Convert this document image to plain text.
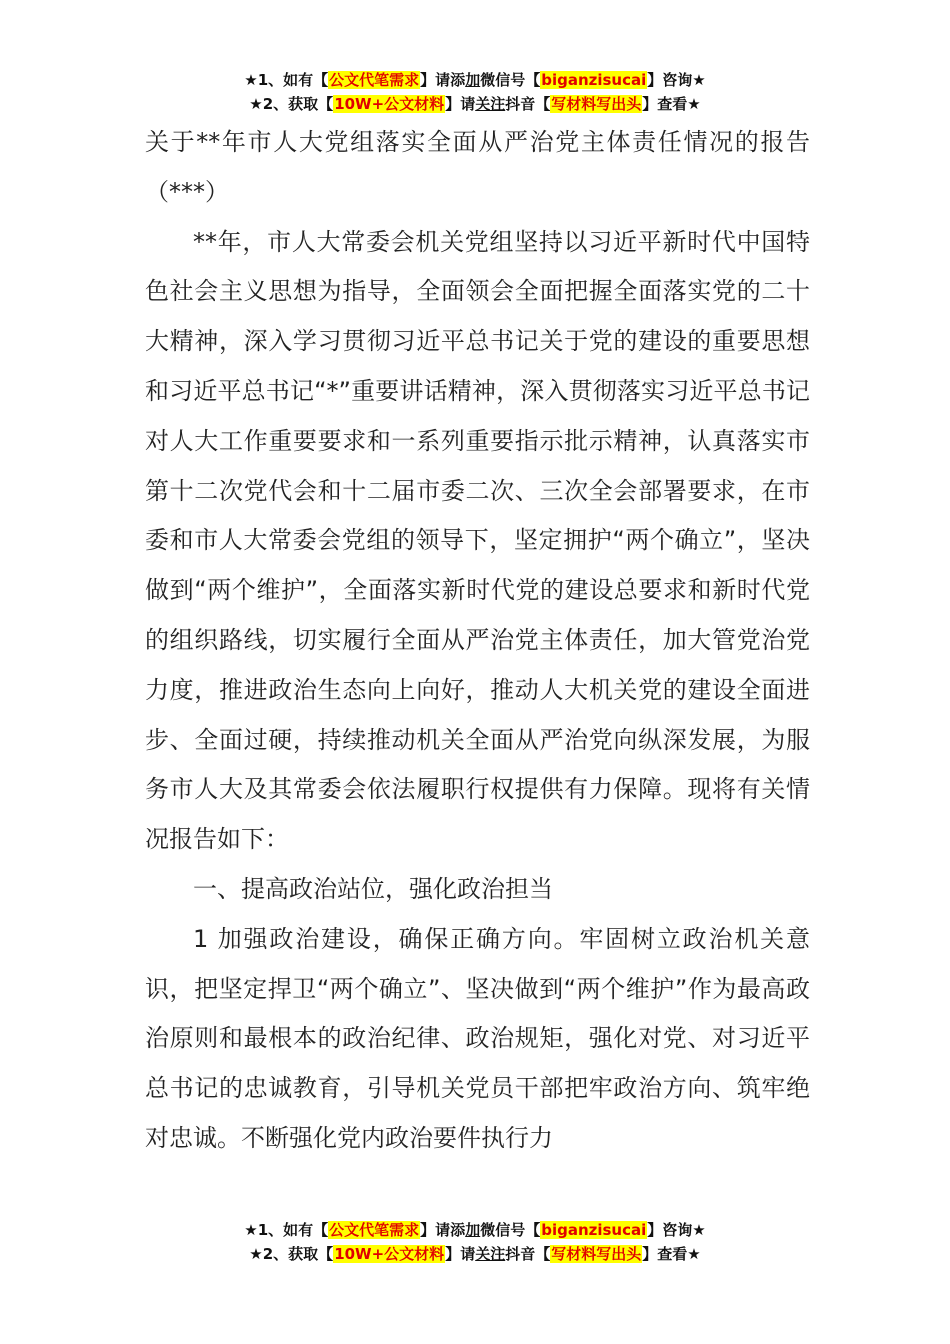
★1、如有【公文代笔需求】请添加微信号【biganzisucai】咨询★
★2、获取【10W+公文材料】请关注抖音【写材料写出头】查看★

关于**年市人大党组落实全面从严治党主体责任情况的报告（***）

**年，市人大常委会机关党组坚持以习近平新时代中国特色社会主义思想为指导，全面领会全面把握全面落实党的二十大精神，深入学习贯彻习近平总书记关于党的建设的重要思想和习近平总书记“*”重要讲话精神，深入贯彻落实习近平总书记对人大工作重要要求和一系列重要指示批示精神，认真落实市第十二次党代会和十二届市委二次、三次全会部署要求，在市委和市人大常委会党组的领导下，坚定拥护“两个确立”，坚决做到“两个维护”，全面落实新时代党的建设总要求和新时代党的组织路线，切实履行全面从严治党主体责任，加大管党治党力度，推进政治生态向上向好，推动人大机关党的建设全面进步、全面过硬，持续推动机关全面从严治党向纵深发展，为服务市人大及其常委会依法履职行权提供有力保障。现将有关情况报告如下：

一、提高政治站位，强化政治担当

1 加强政治建设，确保正确方向。牢固树立政治机关意识，把坚定捍卫“两个确立”、坚决做到“两个维护”作为最高政治原则和最根本的政治纪律、政治规矩，强化对党、对习近平总书记的忠诚教育，引导机关党员干部把牢政治方向、筑牢绝对忠诚。不断强化党内政治要件执行力

★1、如有【公文代笔需求】请添加微信号【biganzisucai】咨询★
★2、获取【10W+公文材料】请关注抖音【写材料写出头】查看★
